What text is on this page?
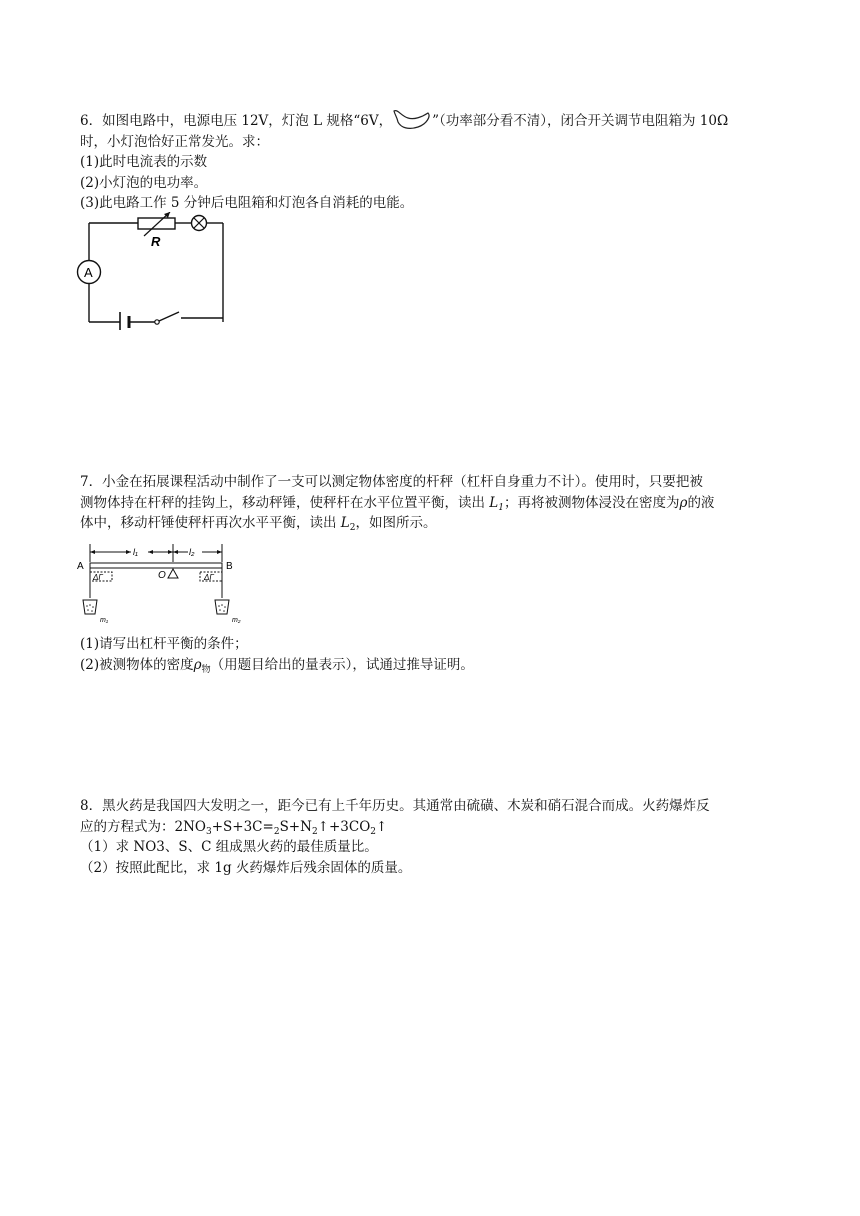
6．如图电路中，电源电压 12V，灯泡 L 规格“6V，	”（功率部分看不清），闭合开关调节电阻箱为 10Ω
时，小灯泡恰好正常发光。求：
(1)此时电流表的示数
(2)小灯泡的电功率。
(3)此电路工作 5 分钟后电阻箱和灯泡各自消耗的电能。
R
A
7．小金在拓展课程活动中制作了一支可以测定物体密度的杆秤（杠杆自身重力不计）。使用时，只要把被
测物体持在杆秤的挂钩上，移动秤锤，使秤杆在水平位置平衡，读出 $L_1$；再将被测物体浸没在密度为ρ的液
体中，移动杆锤使秤杆再次水平平衡，读出 $L_2$，如图所示。
A	B
O
l₁	l₂
ΔΓ	ΔΓ
m₁	m₂
(1)请写出杠杆平衡的条件；
(2)被测物体的密度$\rho_物$（用题目给出的量表示），试通过推导证明。
8．黑火药是我国四大发明之一，距今已有上千年历史。其通常由硫磺、木炭和硝石混合而成。火药爆炸反
应的方程式为：$2NO_3+S+3C=_2S+N_2↑+3CO_2↑$
（1）求 NO3、S、C 组成黑火药的最佳质量比。
（2）按照此配比，求 1g 火药爆炸后残余固体的质量。
